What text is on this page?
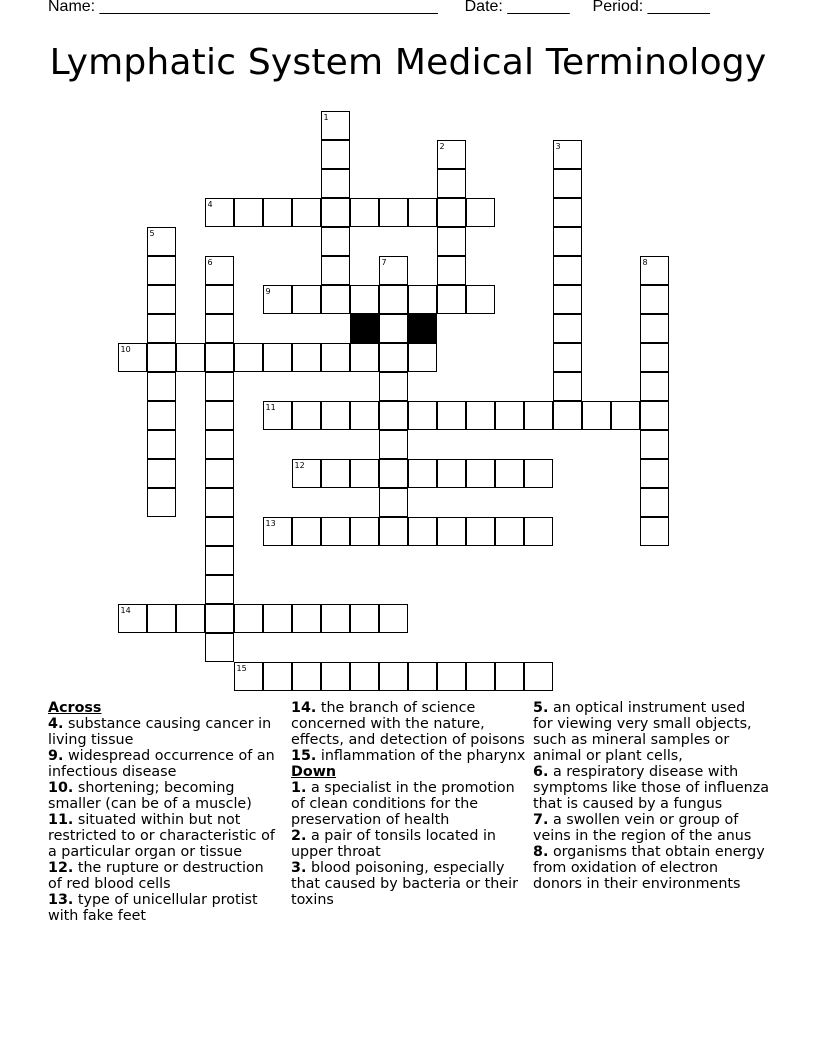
Name: ______________________________________ Date: _______ Period: _______
Lymphatic System Medical Terminology
1
2	3
4
5
6	7	8
9
10
11
12
13
14
15
Across
4. substance causing cancer in living tissue
9. widespread occurrence of an infectious disease
10. shortening; becoming smaller (can be of a muscle)
11. situated within but not restricted to or characteristic of a particular organ or tissue
12. the rupture or destruction of red blood cells
13. type of unicellular protist with fake feet
14. the branch of science concerned with the nature, effects, and detection of poisons
15. inflammation of the pharynx
Down
1. a specialist in the promotion of clean conditions for the preservation of health
2. a pair of tonsils located in upper throat
3. blood poisoning, especially that caused by bacteria or their toxins
5. an optical instrument used for viewing very small objects, such as mineral samples or animal or plant cells,
6. a respiratory disease with symptoms like those of influenza that is caused by a fungus
7. a swollen vein or group of veins in the region of the anus
8. organisms that obtain energy from oxidation of electron donors in their environments
